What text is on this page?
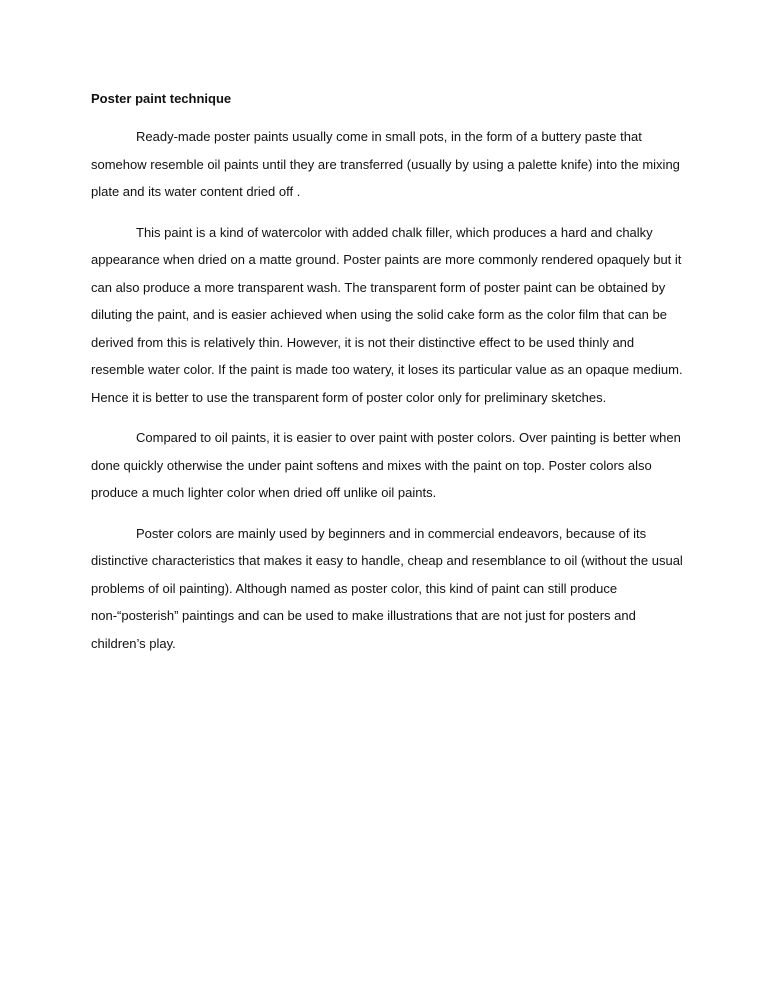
Poster paint technique

Ready-made poster paints usually come in small pots, in the form of a buttery paste that somehow resemble oil paints until they are transferred (usually by using a palette knife) into the mixing plate and its water content dried off .

This paint is a kind of watercolor with added chalk filler, which produces a hard and chalky appearance when dried on a matte ground. Poster paints are more commonly rendered opaquely but it can also produce a more transparent wash. The transparent form of poster paint can be obtained by diluting the paint, and is easier achieved when using the solid cake form as the color film that can be derived from this is relatively thin. However, it is not their distinctive effect to be used thinly and resemble water color. If the paint is made too watery, it loses its particular value as an opaque medium. Hence it is better to use the transparent form of poster color only for preliminary sketches.

Compared to oil paints, it is easier to over paint with poster colors. Over painting is better when done quickly otherwise the under paint softens and mixes with the paint on top. Poster colors also produce a much lighter color when dried off unlike oil paints.

Poster colors are mainly used by beginners and in commercial endeavors, because of its distinctive characteristics that makes it easy to handle, cheap and resemblance to oil (without the usual problems of oil painting). Although named as poster color, this kind of paint can still produce non-“posterish” paintings and can be used to make illustrations that are not just for posters and children’s play.
